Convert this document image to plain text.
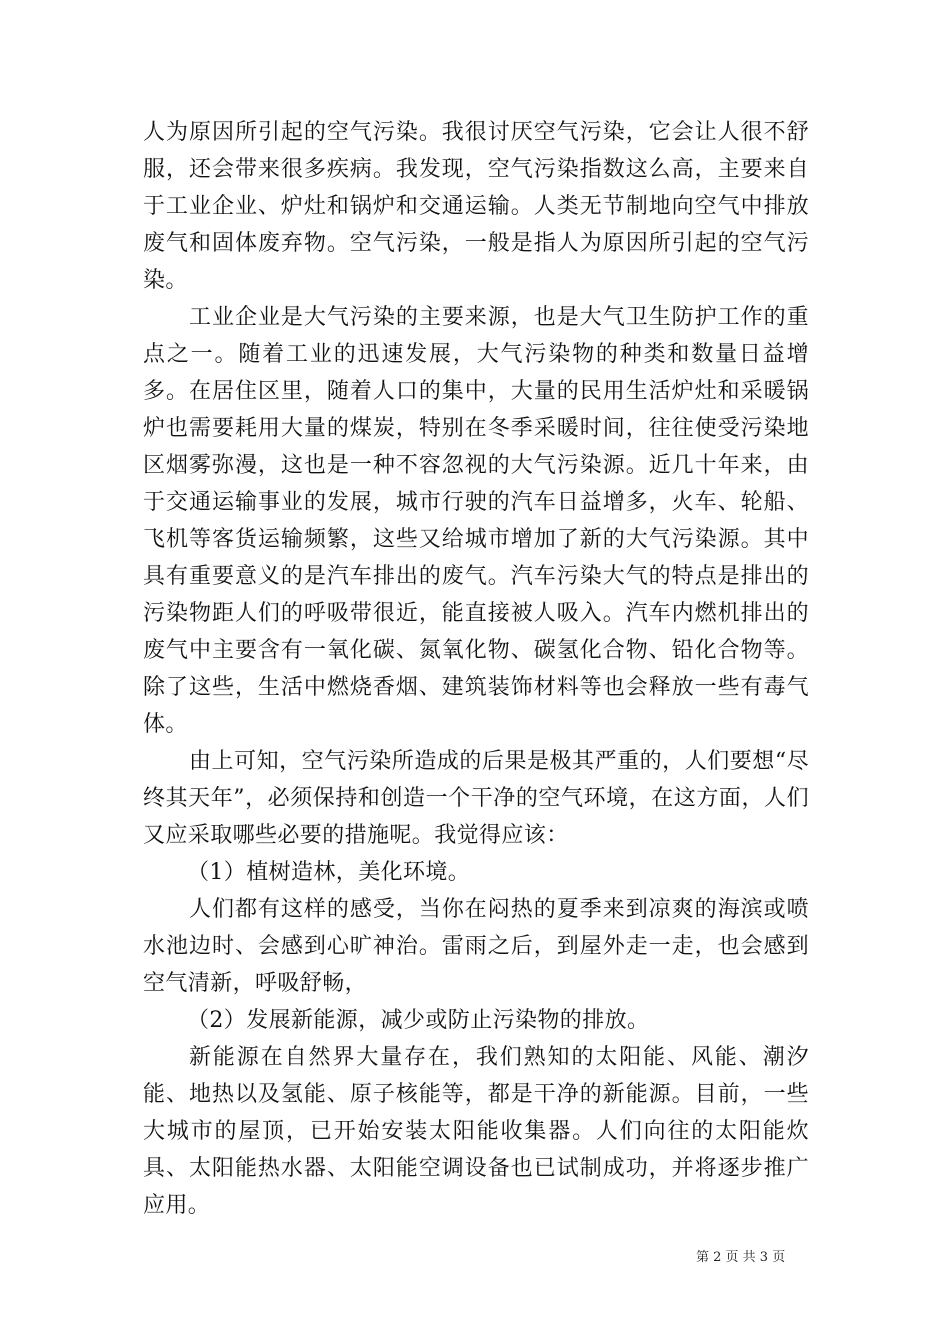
人为原因所引起的空气污染。我很讨厌空气污染，它会让人很不舒服，还会带来很多疾病。我发现，空气污染指数这么高，主要来自于工业企业、炉灶和锅炉和交通运输。人类无节制地向空气中排放废气和固体废弃物。空气污染，一般是指人为原因所引起的空气污染。

工业企业是大气污染的主要来源，也是大气卫生防护工作的重点之一。随着工业的迅速发展，大气污染物的种类和数量日益增多。在居住区里，随着人口的集中，大量的民用生活炉灶和采暖锅炉也需要耗用大量的煤炭，特别在冬季采暖时间，往往使受污染地区烟雾弥漫，这也是一种不容忽视的大气污染源。近几十年来，由于交通运输事业的发展，城市行驶的汽车日益增多，火车、轮船、飞机等客货运输频繁，这些又给城市增加了新的大气污染源。其中具有重要意义的是汽车排出的废气。汽车污染大气的特点是排出的污染物距人们的呼吸带很近，能直接被人吸入。汽车内燃机排出的废气中主要含有一氧化碳、氮氧化物、碳氢化合物、铅化合物等。除了这些，生活中燃烧香烟、建筑装饰材料等也会释放一些有毒气体。

由上可知，空气污染所造成的后果是极其严重的，人们要想“尽终其天年”，必须保持和创造一个干净的空气环境，在这方面，人们又应采取哪些必要的措施呢。我觉得应该：

（1）植树造林，美化环境。

人们都有这样的感受，当你在闷热的夏季来到凉爽的海滨或喷水池边时、会感到心旷神治。雷雨之后，到屋外走一走，也会感到空气清新，呼吸舒畅，

（2）发展新能源，减少或防止污染物的排放。

新能源在自然界大量存在，我们熟知的太阳能、风能、潮汐能、地热以及氢能、原子核能等，都是干净的新能源。目前，一些大城市的屋顶，已开始安装太阳能收集器。人们向往的太阳能炊具、太阳能热水器、太阳能空调设备也已试制成功，并将逐步推广应用。

第 2 页 共 3 页
